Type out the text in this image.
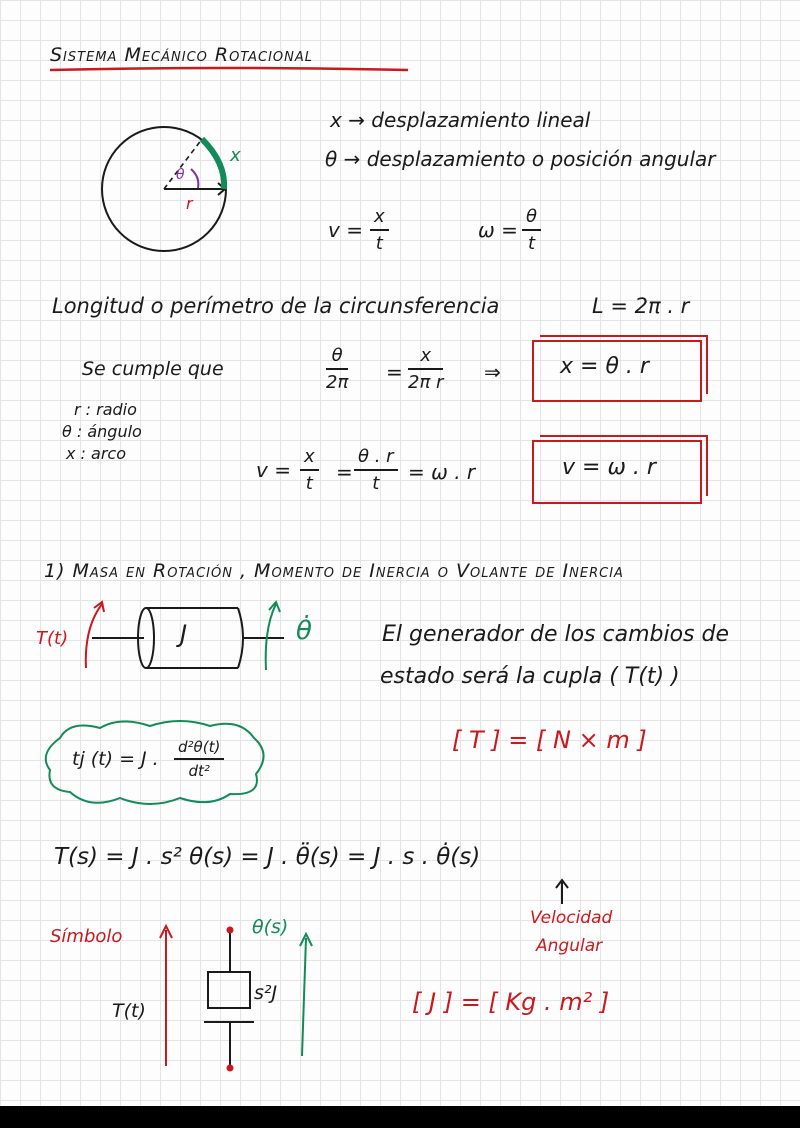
Sistema Mecánico Rotacional
x
θ
r
x → desplazamiento lineal
θ → desplazamiento o posición angular
$v = \frac{x}{t}$	$\omega = \frac{\theta}{t}$
Longitud o perímetro de la circunsferencia	L = 2π . r
Se cumple que	$\frac{\theta}{2\pi} = \frac{x}{\text{2π r}}$ ⇒	x = θ . r
r : radio
θ : ángulo
x : arco
$v = \frac{x}{t} = \frac{\theta . r}{t} = \omega$ . r	v = ω . r
1) Masa en Rotación , Momento de Inercia o Volante de Inercia
T(t)	J	θ̇	El generador de los cambios de
estado será la cupla ( T(t) )
[ T ] = [ N × m ]
tj (t) = J . $\frac{\text{d²θ(t)}}{\text{dt²}}$
T(s) = J . s² θ(s) = J . θ̈(s) = J . s . θ̇(s)
Velocidad
Angular
Símbolo
T(t)
θ(s)
s²J	[ J ] = [ Kg . m² ]
